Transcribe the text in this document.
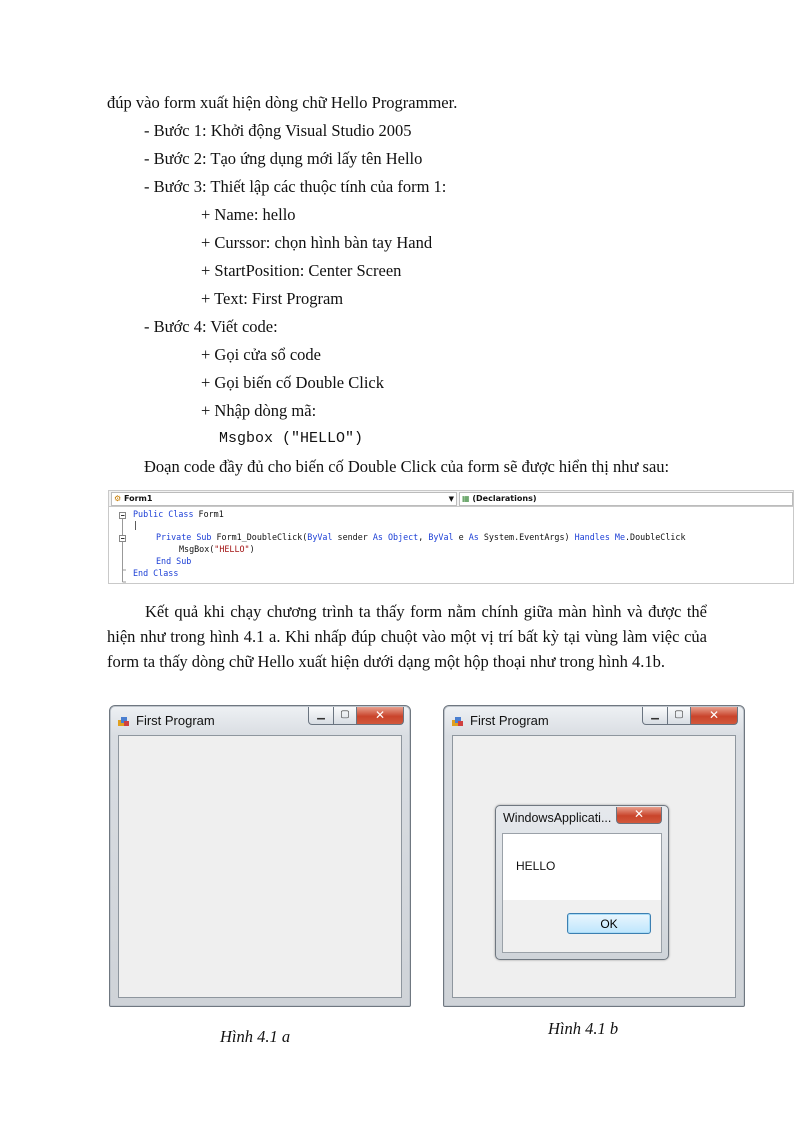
đúp vào form xuất hiện dòng chữ Hello Programmer.
- Bước 1: Khởi động Visual Studio 2005
- Bước 2: Tạo ứng dụng mới lấy tên Hello
- Bước 3: Thiết lập các thuộc tính của form 1:
+ Name: hello
+ Curssor: chọn hình bàn tay Hand
+ StartPosition: Center Screen
+ Text: First Program
- Bước 4: Viết code:
+ Gọi cửa sổ code
+ Gọi biến cố Double Click
+ Nhập dòng mã:
Msgbox ("HELLO")
Đoạn code đầy đủ cho biến cố Double Click của form sẽ được hiển thị như sau:
⚙ Form1	▼	▦ (Declarations)
Public Class Form1
|
Private Sub Form1_DoubleClick(ByVal sender As Object, ByVal e As System.EventArgs) Handles Me.DoubleClick
MsgBox("HELLO")
End Sub
End Class
Kết quả khi chạy chương trình ta thấy form nằm chính giữa màn hình và được thể hiện như trong hình 4.1 a. Khi nhấp đúp chuột vào một vị trí bất kỳ tại vùng làm việc của form ta thấy dòng chữ Hello xuất hiện dưới dạng một hộp thoại như trong hình 4.1b.
First Program	▁	▢	✕
Hình 4.1 a
First Program	▁	▢	✕
WindowsApplicati...	✕
HELLO
OK
Hình 4.1 b
